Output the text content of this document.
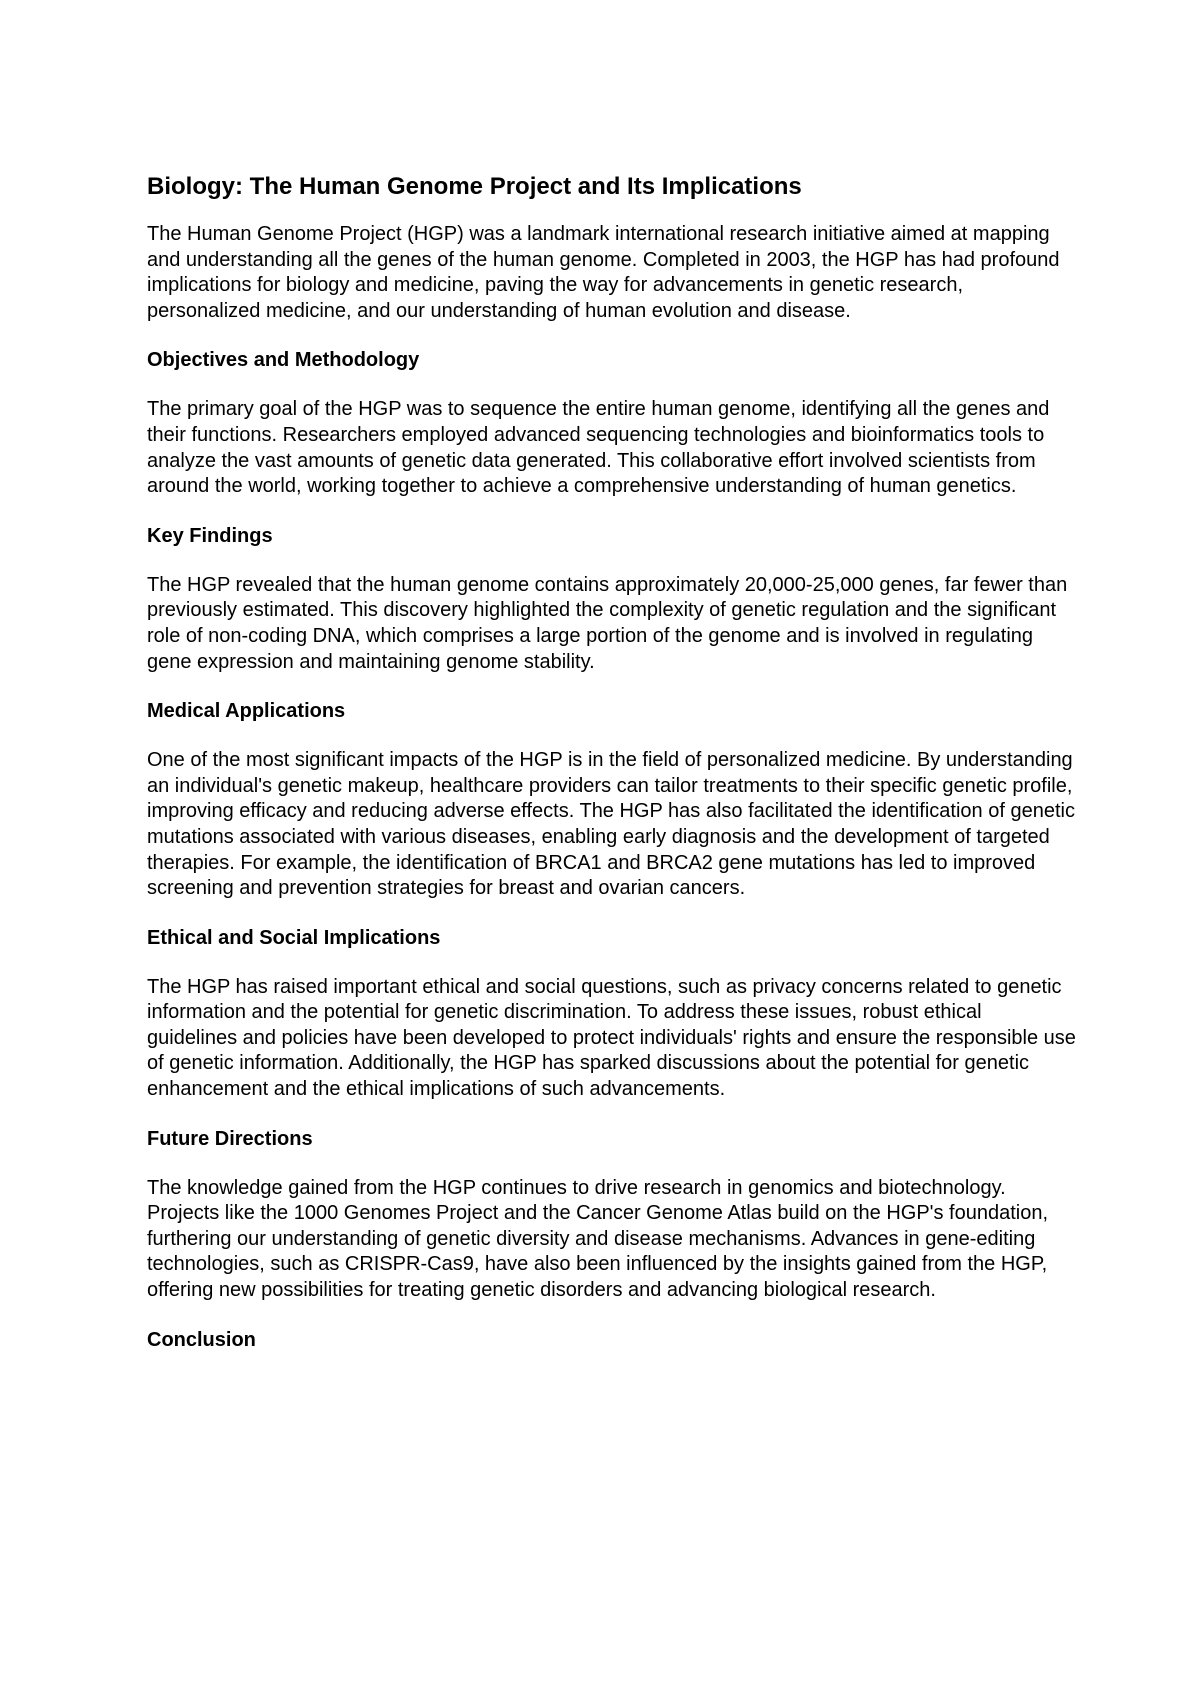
Biology: The Human Genome Project and Its Implications

The Human Genome Project (HGP) was a landmark international research initiative aimed at mapping and understanding all the genes of the human genome. Completed in 2003, the HGP has had profound implications for biology and medicine, paving the way for advancements in genetic research, personalized medicine, and our understanding of human evolution and disease.

Objectives and Methodology

The primary goal of the HGP was to sequence the entire human genome, identifying all the genes and their functions. Researchers employed advanced sequencing technologies and bioinformatics tools to analyze the vast amounts of genetic data generated. This collaborative effort involved scientists from around the world, working together to achieve a comprehensive understanding of human genetics.

Key Findings

The HGP revealed that the human genome contains approximately 20,000-25,000 genes, far fewer than previously estimated. This discovery highlighted the complexity of genetic regulation and the significant role of non-coding DNA, which comprises a large portion of the genome and is involved in regulating gene expression and maintaining genome stability.

Medical Applications

One of the most significant impacts of the HGP is in the field of personalized medicine. By understanding an individual's genetic makeup, healthcare providers can tailor treatments to their specific genetic profile, improving efficacy and reducing adverse effects. The HGP has also facilitated the identification of genetic mutations associated with various diseases, enabling early diagnosis and the development of targeted therapies. For example, the identification of BRCA1 and BRCA2 gene mutations has led to improved screening and prevention strategies for breast and ovarian cancers.

Ethical and Social Implications

The HGP has raised important ethical and social questions, such as privacy concerns related to genetic information and the potential for genetic discrimination. To address these issues, robust ethical guidelines and policies have been developed to protect individuals' rights and ensure the responsible use of genetic information. Additionally, the HGP has sparked discussions about the potential for genetic enhancement and the ethical implications of such advancements.

Future Directions

The knowledge gained from the HGP continues to drive research in genomics and biotechnology. Projects like the 1000 Genomes Project and the Cancer Genome Atlas build on the HGP's foundation, furthering our understanding of genetic diversity and disease mechanisms. Advances in gene-editing technologies, such as CRISPR-Cas9, have also been influenced by the insights gained from the HGP, offering new possibilities for treating genetic disorders and advancing biological research.

Conclusion
